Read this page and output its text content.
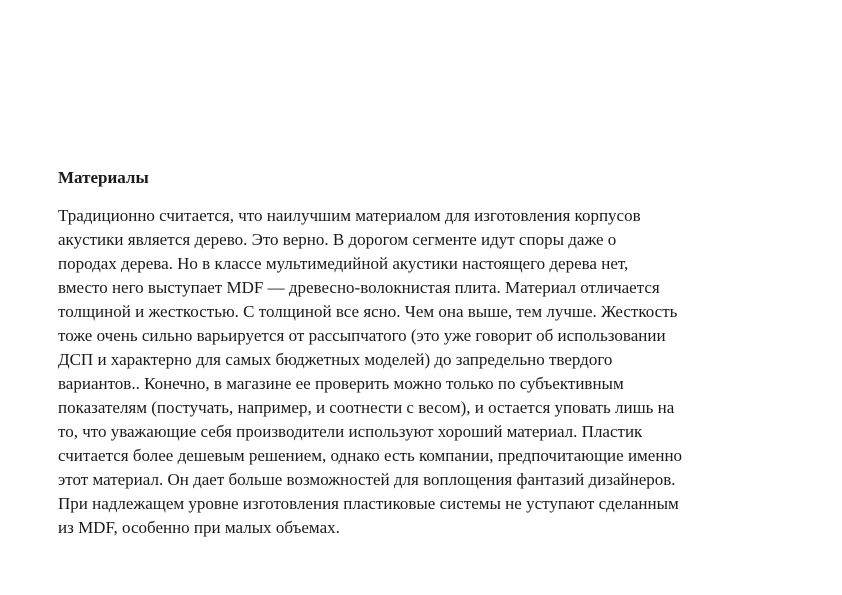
Материалы

Традиционно считается, что наилучшим материалом для изготовления корпусов

акустики является дерево. Это верно. В дорогом сегменте идут споры даже о

породах дерева. Но в классе мультимедийной акустики настоящего дерева нет,

вместо него выступает MDF — древесно-волокнистая плита. Материал отличается

толщиной и жесткостью. С толщиной все ясно. Чем она выше, тем лучше. Жесткость

тоже очень сильно варьируется от рассыпчатого (это уже говорит об использовании

ДСП и характерно для самых бюджетных моделей) до запредельно твердого

вариантов.. Конечно, в магазине ее проверить можно только по субъективным

показателям (постучать, например, и соотнести с весом), и остается уповать лишь на

то, что уважающие себя производители используют хороший материал. Пластик

считается более дешевым решением, однако есть компании, предпочитающие именно

этот материал. Он дает больше возможностей для воплощения фантазий дизайнеров.

При надлежащем уровне изготовления пластиковые системы не уступают сделанным

из MDF, особенно при малых объемах.
